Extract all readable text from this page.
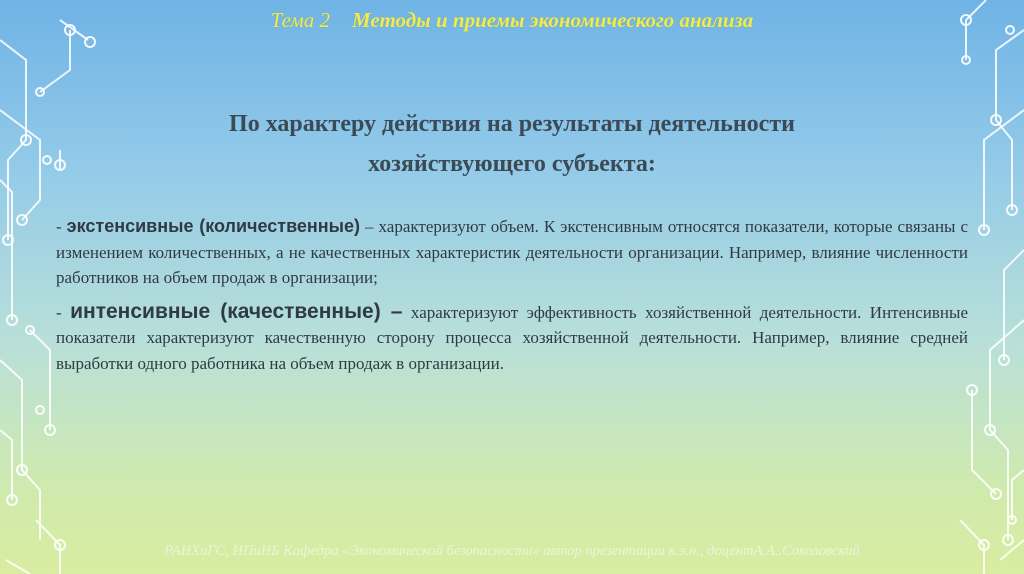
Тема 2 Методы и приемы экономического анализа
По характеру действия на результаты деятельности
хозяйствующего субъекта:

- экстенсивные (количественные) – характеризуют объем. К экстенсивным относятся показатели, которые связаны с изменением количественных, а не качественных характеристик деятельности организации. Например, влияние численности работников на объем продаж в организации;

- интенсивные (качественные) – характеризуют эффективность хозяйственной деятельности. Интенсивные показатели характеризуют качественную сторону процесса хозяйственной деятельности. Например, влияние средней выработки одного работника на объем продаж в организации.

РАНХиГС, ИПиНБ Кафедра «Экономической безопасности» автор презентации к.э.н., доцентА.А..Соколовский
